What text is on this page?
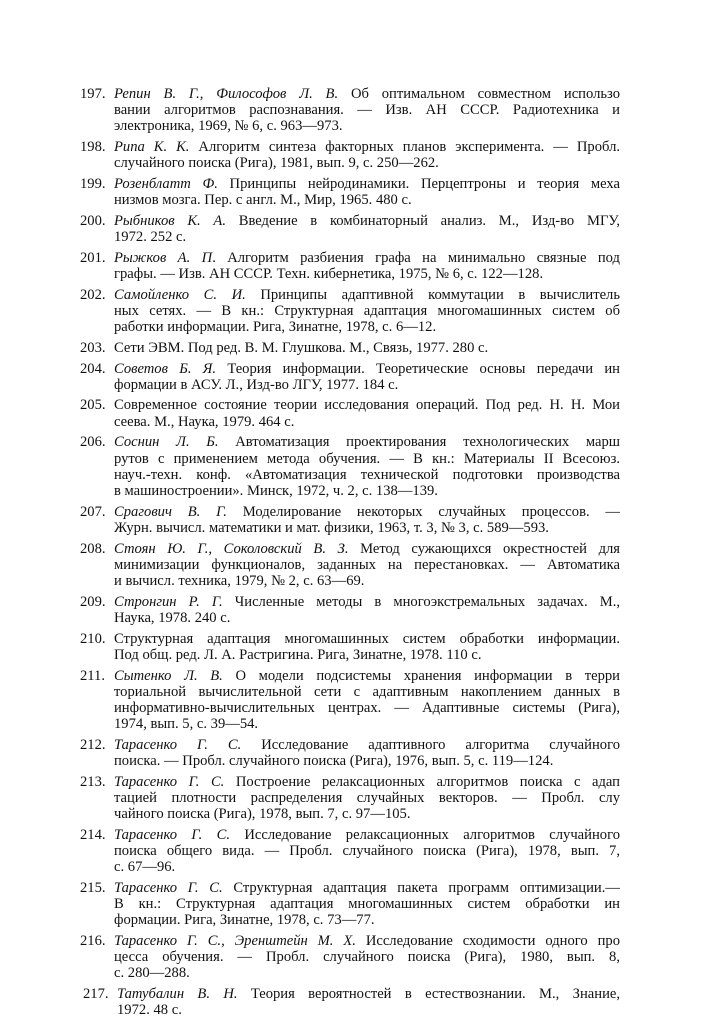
197. Репин В. Г., Философов Л. В. Об оптимальном совместном использо
вании алгоритмов распознавания. — Изв. АН СССР. Радиотехника и
электроника, 1969, № 6, с. 963—973.
198. Рипа К. К. Алгоритм синтеза факторных планов эксперимента. — Пробл.
случайного поиска (Рига), 1981, вып. 9, с. 250—262.
199. Розенблатт Ф. Принципы нейродинамики. Перцептроны и теория меха
низмов мозга. Пер. с англ. М., Мир, 1965. 480 с.
200. Рыбников К. А. Введение в комбинаторный анализ. М., Изд-во МГУ,
1972. 252 с.
201. Рыжков А. П. Алгоритм разбиения графа на минимально связные под
графы. — Изв. АН СССР. Техн. кибернетика, 1975, № 6, с. 122—128.
202. Самойленко С. И. Принципы адаптивной коммутации в вычислитель
ных сетях. — В кн.: Структурная адаптация многомашинных систем об
работки информации. Рига, Зинатне, 1978, с. 6—12.
203. Сети ЭВМ. Под ред. В. М. Глушкова. М., Связь, 1977. 280 с.
204. Советов Б. Я. Теория информации. Теоретические основы передачи ин
формации в АСУ. Л., Изд-во ЛГУ, 1977. 184 с.
205. Современное состояние теории исследования операций. Под ред. Н. Н. Мои
сеева. М., Наука, 1979. 464 с.
206. Соснин Л. Б. Автоматизация проектирования технологических марш
рутов с применением метода обучения. — В кн.: Материалы II Всесоюз.
науч.-техн. конф. «Автоматизация технической подготовки производства
в машиностроении». Минск, 1972, ч. 2, с. 138—139.
207. Срагович В. Г. Моделирование некоторых случайных процессов. —
Журн. вычисл. математики и мат. физики, 1963, т. 3, № 3, с. 589—593.
208. Стоян Ю. Г., Соколовский В. З. Метод сужающихся окрестностей для
минимизации функционалов, заданных на перестановках. — Автоматика
и вычисл. техника, 1979, № 2, с. 63—69.
209. Стронгин Р. Г. Численные методы в многоэкстремальных задачах. М.,
Наука, 1978. 240 с.
210. Структурная адаптация многомашинных систем обработки информации.
Под общ. ред. Л. А. Растригина. Рига, Зинатне, 1978. 110 с.
211. Сытенко Л. В. О модели подсистемы хранения информации в терри
ториальной вычислительной сети с адаптивным накоплением данных в
информативно-вычислительных центрах. — Адаптивные системы (Рига),
1974, вып. 5, с. 39—54.
212. Тарасенко Г. С. Исследование адаптивного алгоритма случайного
поиска. — Пробл. случайного поиска (Рига), 1976, вып. 5, с. 119—124.
213. Тарасенко Г. С. Построение релаксационных алгоритмов поиска с адап
тацией плотности распределения случайных векторов. — Пробл. слу
чайного поиска (Рига), 1978, вып. 7, с. 97—105.
214. Тарасенко Г. С. Исследование релаксационных алгоритмов случайного
поиска общего вида. — Пробл. случайного поиска (Рига), 1978, вып. 7,
с. 67—96.
215. Тарасенко Г. С. Структурная адаптация пакета программ оптимизации.—
В кн.: Структурная адаптация многомашинных систем обработки ин
формации. Рига, Зинатне, 1978, с. 73—77.
216. Тарасенко Г. С., Эренштейн М. X. Исследование сходимости одного про
цесса обучения. — Пробл. случайного поиска (Рига), 1980, вып. 8,
с. 280—288.
217. Татубалин В. Н. Теория вероятностей в естествознании. М., Знание,
1972. 48 с.
